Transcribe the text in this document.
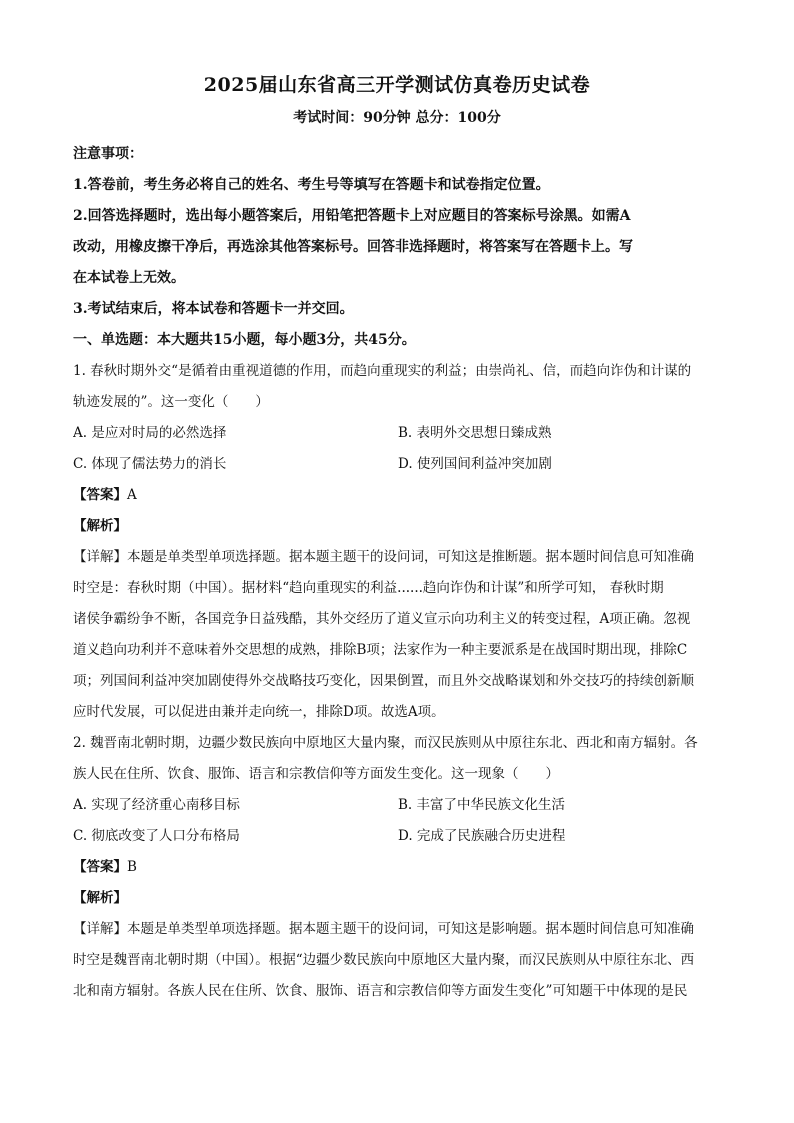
2025届山东省高三开学测试仿真卷历史试卷
考试时间：90分钟 总分：100分
注意事项：
1.答卷前，考生务必将自己的姓名、考生号等填写在答题卡和试卷指定位置。
2.回答选择题时，选出每小题答案后，用铅笔把答题卡上对应题目的答案标号涂黑。如需A
改动，用橡皮擦干净后，再选涂其他答案标号。回答非选择题时，将答案写在答题卡上。写
在本试卷上无效。
3.考试结束后，将本试卷和答题卡一并交回。
一、单选题：本大题共15小题，每小题3分，共45分。
1. 春秋时期外交“是循着由重视道德的作用，而趋向重现实的利益；由崇尚礼、信，而趋向诈伪和计谋的
轨迹发展的”。这一变化（　　）
A. 是应对时局的必然选择	B. 表明外交思想日臻成熟
C. 体现了儒法势力的消长	D. 使列国间利益冲突加剧
【答案】A
【解析】
【详解】本题是单类型单项选择题。据本题主题干的设问词，可知这是推断题。据本题时间信息可知准确
时空是：春秋时期（中国）。据材料“趋向重现实的利益......趋向诈伪和计谋”和所学可知， 春秋时期
诸侯争霸纷争不断，各国竞争日益残酷，其外交经历了道义宣示向功利主义的转变过程，A项正确。忽视
道义趋向功利并不意味着外交思想的成熟，排除B项；法家作为一种主要派系是在战国时期出现，排除C
项；列国间利益冲突加剧使得外交战略技巧变化，因果倒置，而且外交战略谋划和外交技巧的持续创新顺
应时代发展，可以促进由兼并走向统一，排除D项。故选A项。
2. 魏晋南北朝时期，边疆少数民族向中原地区大量内聚，而汉民族则从中原往东北、西北和南方辐射。各
族人民在住所、饮食、服饰、语言和宗教信仰等方面发生变化。这一现象（　　）
A. 实现了经济重心南移目标	B. 丰富了中华民族文化生活
C. 彻底改变了人口分布格局	D. 完成了民族融合历史进程
【答案】B
【解析】
【详解】本题是单类型单项选择题。据本题主题干的设问词，可知这是影响题。据本题时间信息可知准确
时空是魏晋南北朝时期（中国）。根据“边疆少数民族向中原地区大量内聚，而汉民族则从中原往东北、西
北和南方辐射。各族人民在住所、饮食、服饰、语言和宗教信仰等方面发生变化”可知题干中体现的是民
